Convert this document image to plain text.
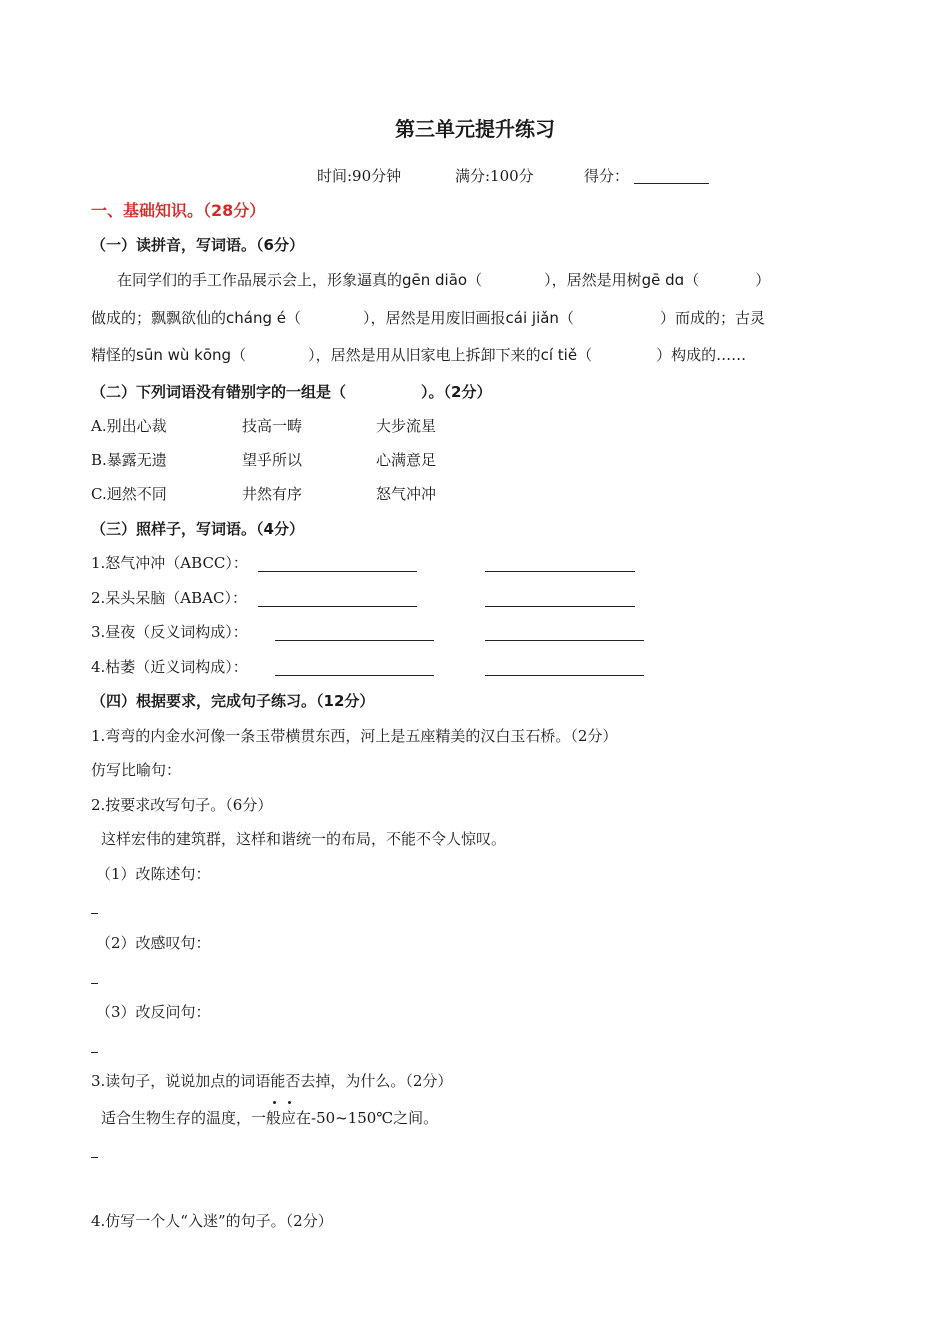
第三单元提升练习
时间:90分钟	满分:100分	得分：
一、基础知识。（28分）
（一）读拼音，写词语。（6分）
在同学们的手工作品展示会上，形象逼真的gēn diāo（	），居然是用树gē dɑ（	）
做成的；飘飘欲仙的cháng é（	），居然是用废旧画报cái jiǎn（	）而成的；古灵
精怪的sūn wù kōng（	），居然是用从旧家电上拆卸下来的cí tiě（	）构成的……
（二）下列词语没有错别字的一组是（　　　　　）。（2分）
A.别出心裁	技高一畴	大步流星
B.暴露无遗	望乎所以	心满意足
C.迥然不同	井然有序	怒气冲冲
（三）照样子，写词语。（4分）
1.怒气冲冲（ABCC）：
2.呆头呆脑（ABAC）：
3.昼夜（反义词构成）：
4.枯萎（近义词构成）：
（四）根据要求，完成句子练习。（12分）
1.弯弯的内金水河像一条玉带横贯东西，河上是五座精美的汉白玉石桥。（2分）
仿写比喻句：
2.按要求改写句子。（6分）
这样宏伟的建筑群，这样和谐统一的布局，不能不令人惊叹。
（1）改陈述句：
（2）改感叹句：
（3）改反问句：
3.读句子，说说加点的词语能否去掉，为什么。（2分）
适合生物生存的温度，一般应在-50~150℃之间。
4.仿写一个人“入迷”的句子。（2分）
